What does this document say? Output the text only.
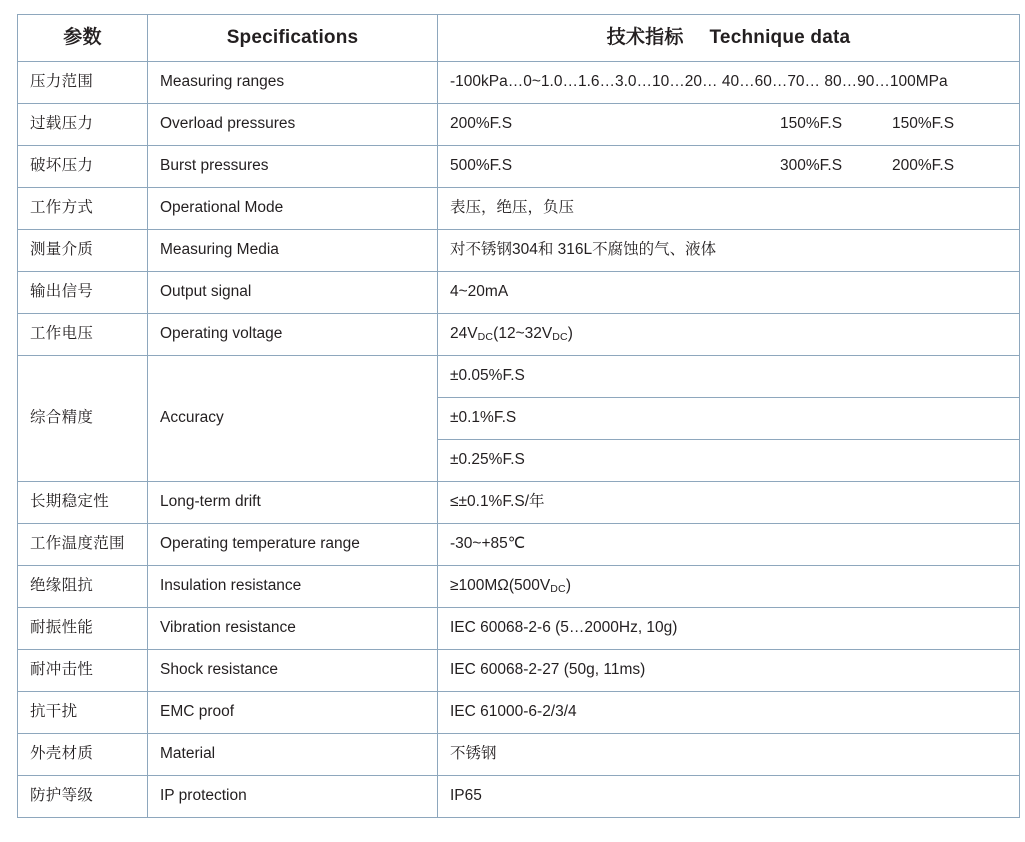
参数	Specifications	技术指标 Technique data
压力范围	Measuring ranges	-100kPa…0~1.0…1.6…3.0…10…20… 40…60…70… 80…90…100MPa
过载压力	Overload pressures	200%F.S 150%F.S 150%F.S
破坏压力	Burst pressures	500%F.S 300%F.S 200%F.S
工作方式	Operational Mode	表压，绝压，负压
测量介质	Measuring Media	对不锈钢304和 316L不腐蚀的气、液体
输出信号	Output signal	4~20mA
工作电压	Operating voltage	24VDC(12~32VDC)
综合精度	Accuracy	±0.05%F.S
		±0.1%F.S
		±0.25%F.S
长期稳定性	Long-term drift	≤±0.1%F.S/年
工作温度范围	Operating temperature range	-30~+85℃
绝缘阻抗	Insulation resistance	≥100MΩ(500VDC)
耐振性能	Vibration resistance	IEC 60068-2-6 (5…2000Hz, 10g)
耐冲击性	Shock resistance	IEC 60068-2-27 (50g, 11ms)
抗干扰	EMC proof	IEC 61000-6-2/3/4
外壳材质	Material	不锈钢
防护等级	IP protection	IP65
